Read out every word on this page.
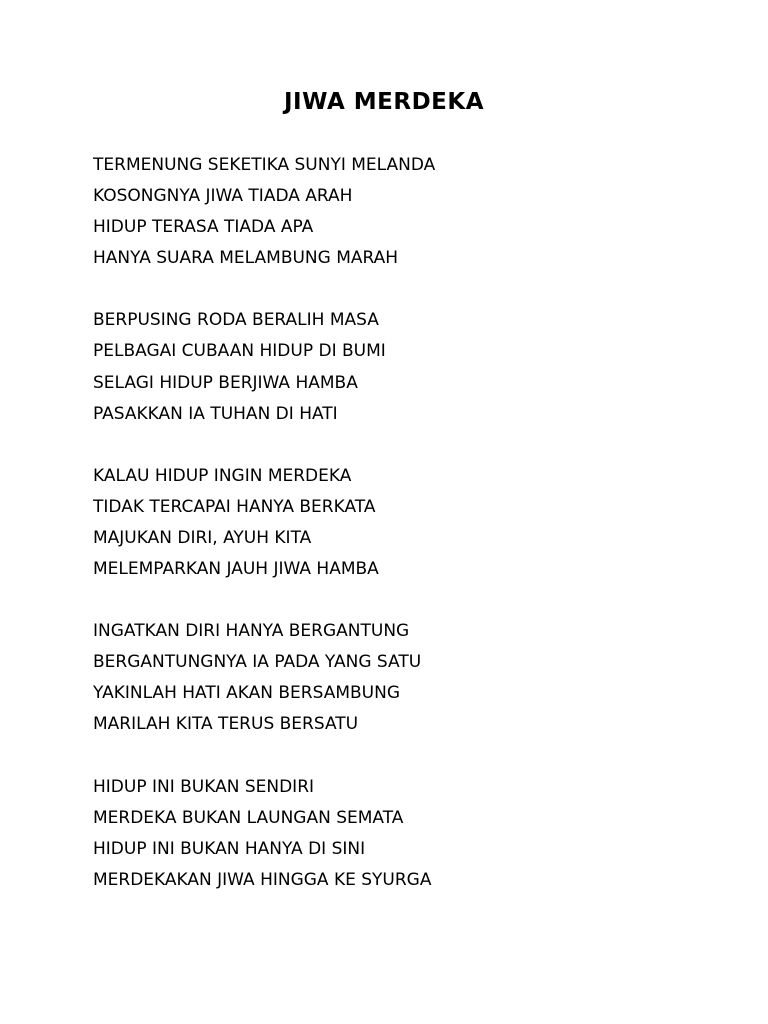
JIWA MERDEKA
TERMENUNG SEKETIKA SUNYI MELANDA
KOSONGNYA JIWA TIADA ARAH
HIDUP TERASA TIADA APA
HANYA SUARA MELAMBUNG MARAH
BERPUSING RODA BERALIH MASA
PELBAGAI CUBAAN HIDUP DI BUMI
SELAGI HIDUP BERJIWA HAMBA
PASAKKAN IA TUHAN DI HATI
KALAU HIDUP INGIN MERDEKA
TIDAK TERCAPAI HANYA BERKATA
MAJUKAN DIRI, AYUH KITA
MELEMPARKAN JAUH JIWA HAMBA
INGATKAN DIRI HANYA BERGANTUNG
BERGANTUNGNYA IA PADA YANG SATU
YAKINLAH HATI AKAN BERSAMBUNG
MARILAH KITA TERUS BERSATU
HIDUP INI BUKAN SENDIRI
MERDEKA BUKAN LAUNGAN SEMATA
HIDUP INI BUKAN HANYA DI SINI
MERDEKAKAN JIWA HINGGA KE SYURGA
